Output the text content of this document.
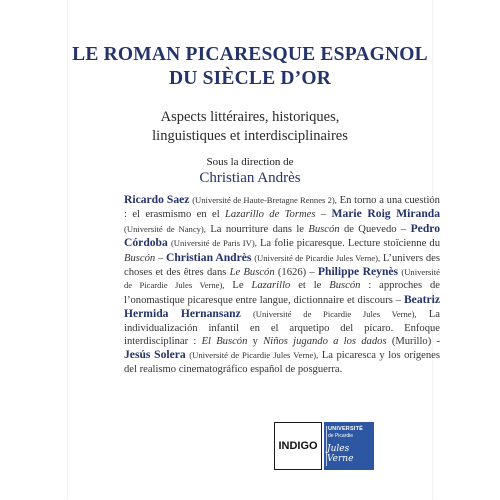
LE ROMAN PICARESQUE ESPAGNOL
DU SIÈCLE D’OR
Aspects littéraires, historiques,
linguistiques et interdisciplinaires
Sous la direction de
Christian Andrès
Ricardo Saez (Université de Haute-Bretagne Rennes 2), En torno a una cuestión : el erasmismo en el Lazarillo de Tormes – Marie Roig Miranda (Université de Nancy), La nourriture dans le Buscón de Quevedo – Pedro Córdoba (Université de Paris IV), La folie picaresque. Lecture stoïcienne du Buscón – Christian Andrès (Université de Picardie Jules Verne), L’univers des choses et des êtres dans Le Buscón (1626) – Philippe Reynès (Université de Picardie Jules Verne), Le Lazarillo et le Buscón : approches de l’onomastique picaresque entre langue, dictionnaire et discours – Beatriz Hermida Hernansanz (Université de Picardie Jules Verne), La individualización infantil en el arquetipo del pícaro. Enfoque interdisciplinar : El Buscón y Niños jugando a los dados (Murillo) - Jesús Solera (Université de Picardie Jules Verne), La picaresca y los orígenes del realismo cinematográfico español de posguerra.
INDIGO
UNIVERSITÉ
de Picardie
Jules Verne
